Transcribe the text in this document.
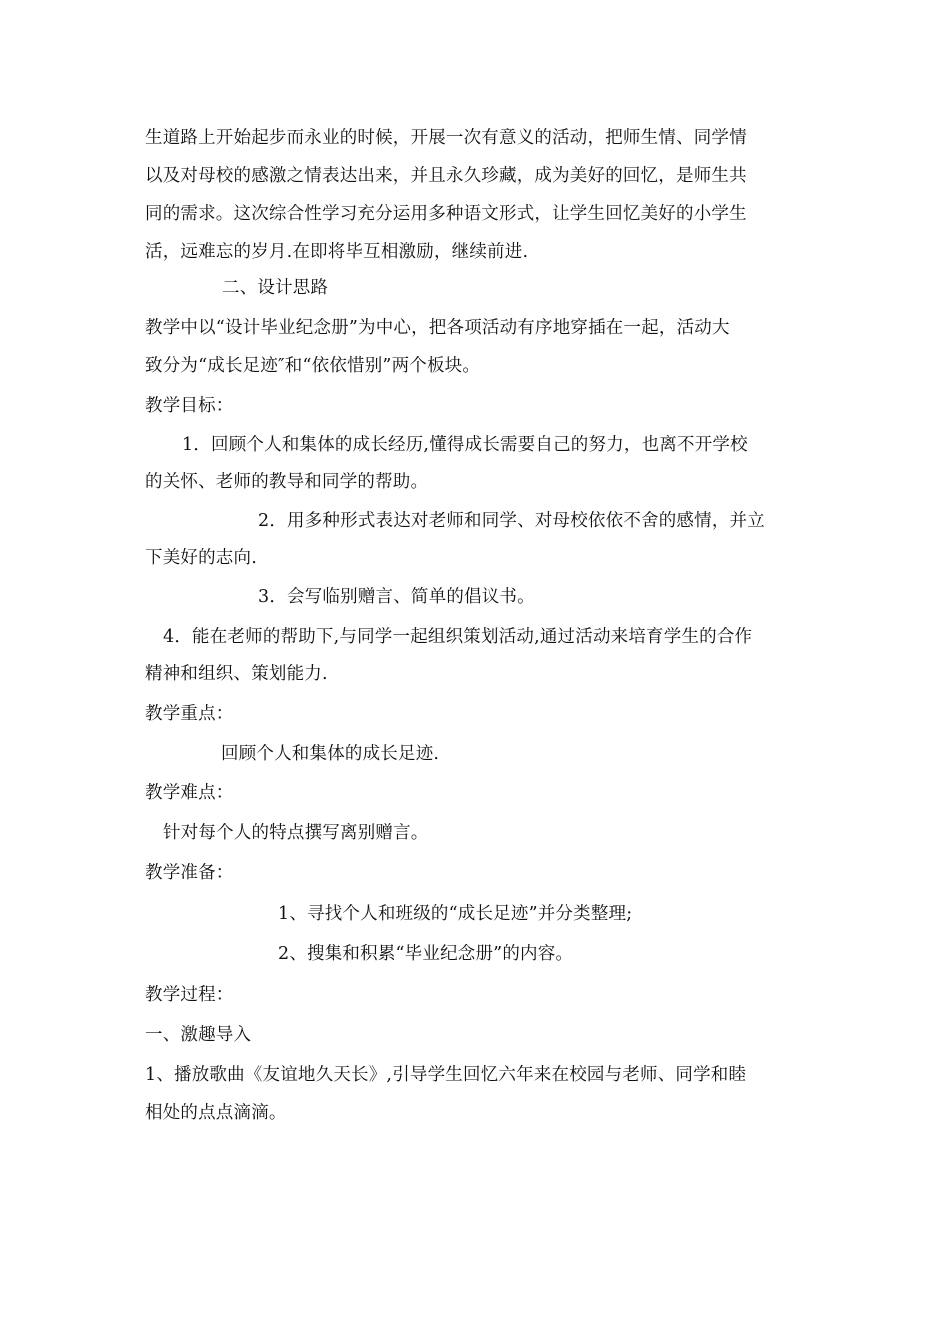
生道路上开始起步而永业的时候，开展一次有意义的活动，把师生情、同学情
以及对母校的感激之情表达出来，并且永久珍藏，成为美好的回忆，是师生共
同的需求。这次综合性学习充分运用多种语文形式，让学生回忆美好的小学生
活，远难忘的岁月.在即将毕互相激励，继续前进.
二、设计思路
教学中以“设计毕业纪念册”为中心，把各项活动有序地穿插在一起，活动大
致分为“成长足迹″和“依依惜别”两个板块。
教学目标：
1．回顾个人和集体的成长经历,懂得成长需要自己的努力，也离不开学校
的关怀、老师的教导和同学的帮助。
2．用多种形式表达对老师和同学、对母校依依不舍的感情，并立
下美好的志向.
3．会写临别赠言、简单的倡议书。
4．能在老师的帮助下,与同学一起组织策划活动,通过活动来培育学生的合作
精神和组织、策划能力.
教学重点：
回顾个人和集体的成长足迹.
教学难点：
针对每个人的特点撰写离别赠言。
教学准备：
1、寻找个人和班级的“成长足迹”并分类整理;
2、搜集和积累“毕业纪念册”的内容。
教学过程：
一、激趣导入
1、播放歌曲《友谊地久天长》,引导学生回忆六年来在校园与老师、同学和睦
相处的点点滴滴。
